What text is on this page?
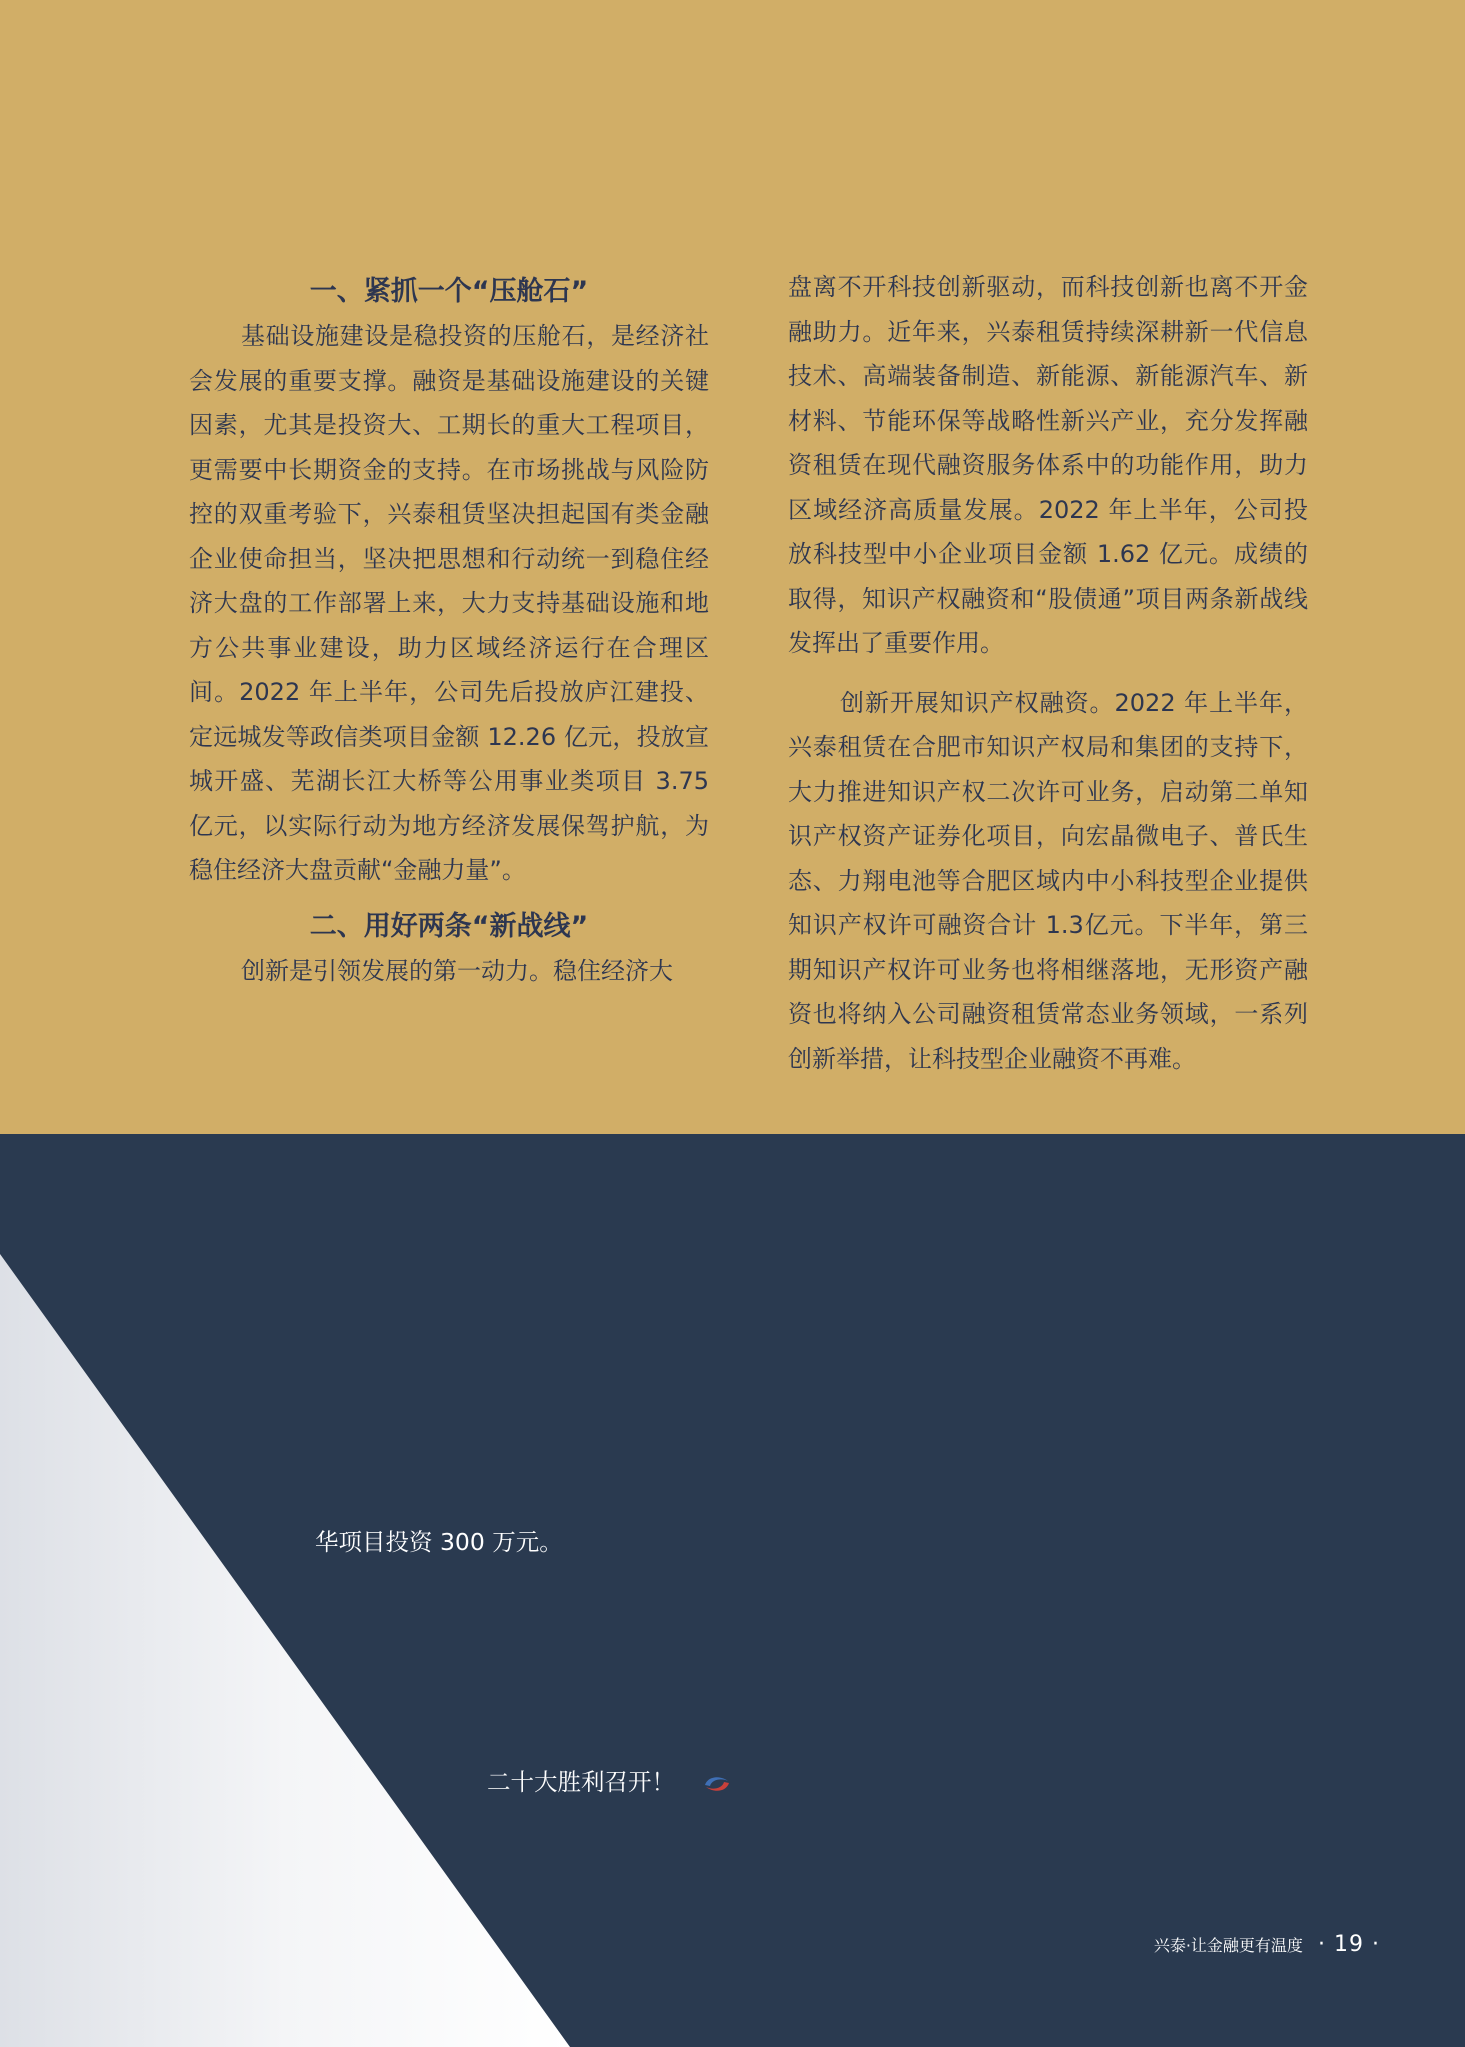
一、紧抓一个“压舱石”

基础设施建设是稳投资的压舱石，是经济社会发展的重要支撑。融资是基础设施建设的关键因素，尤其是投资大、工期长的重大工程项目，更需要中长期资金的支持。在市场挑战与风险防控的双重考验下，兴泰租赁坚决担起国有类金融企业使命担当，坚决把思想和行动统一到稳住经济大盘的工作部署上来，大力支持基础设施和地方公共事业建设，助力区域经济运行在合理区间。2022 年上半年，公司先后投放庐江建投、定远城发等政信类项目金额 12.26 亿元，投放宣城开盛、芜湖长江大桥等公用事业类项目 3.75 亿元，以实际行动为地方经济发展保驾护航，为稳住经济大盘贡献“金融力量”。

二、用好两条“新战线”

创新是引领发展的第一动力。稳住经济大

盘离不开科技创新驱动，而科技创新也离不开金融助力。近年来，兴泰租赁持续深耕新一代信息技术、高端装备制造、新能源、新能源汽车、新材料、节能环保等战略性新兴产业，充分发挥融资租赁在现代融资服务体系中的功能作用，助力区域经济高质量发展。2022 年上半年，公司投放科技型中小企业项目金额 1.62 亿元。成绩的取得，知识产权融资和“股债通”项目两条新战线发挥出了重要作用。

创新开展知识产权融资。2022 年上半年，兴泰租赁在合肥市知识产权局和集团的支持下，大力推进知识产权二次许可业务，启动第二单知识产权资产证券化项目，向宏晶微电子、普氏生态、力翔电池等合肥区域内中小科技型企业提供知识产权许可融资合计 1.3亿元。下半年，第三期知识产权许可业务也将相继落地，无形资产融资也将纳入公司融资租赁常态业务领域，一系列创新举措，让科技型企业融资不再难。

华项目投资 300 万元。
二十大胜利召开！
兴泰·让金融更有温度 · 19 ·
